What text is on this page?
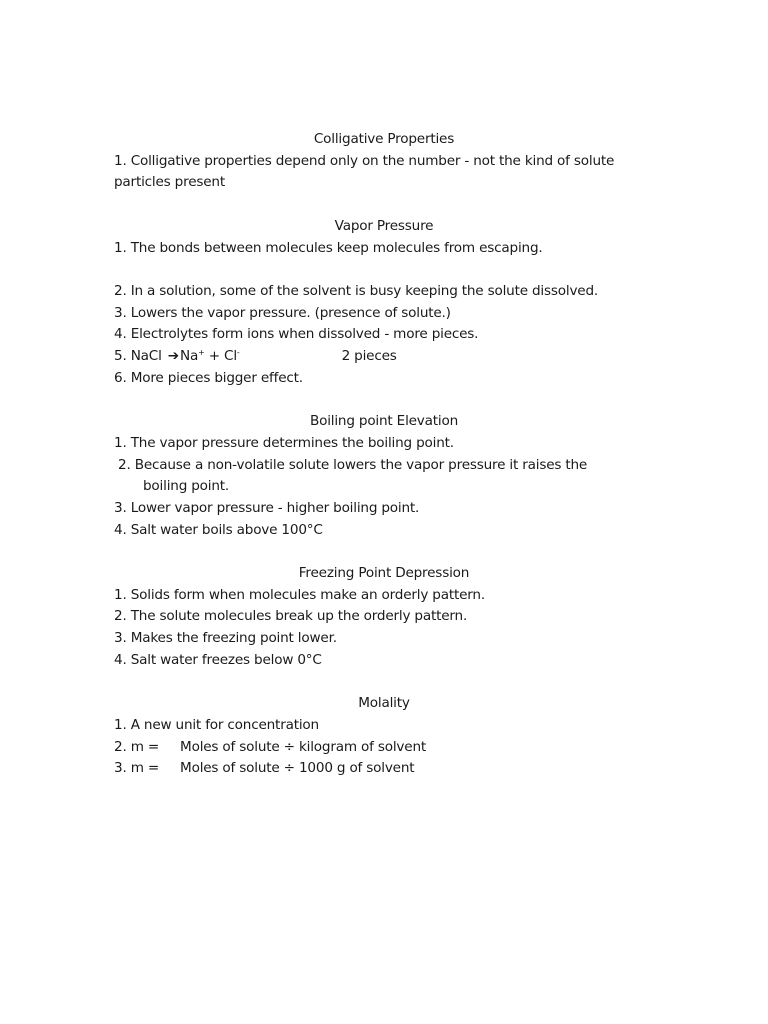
Colligative Properties

1. Colligative properties depend only on the number - not the kind of solute particles present

Vapor Pressure

1. The bonds between molecules keep molecules from escaping.

2. In a solution, some of the solvent is busy keeping the solute dissolved.

3. Lowers the vapor pressure. (presence of solute.)

4. Electrolytes form ions when dissolved - more pieces.

5. NaCl ➔Na+ + Cl-	2 pieces

6. More pieces bigger effect.

Boiling point Elevation

1. The vapor pressure determines the boiling point.

2. Because a non-volatile solute lowers the vapor pressure it raises the

boiling point.

3. Lower vapor pressure - higher boiling point.

4. Salt water boils above 100°C

Freezing Point Depression

1. Solids form when molecules make an orderly pattern.

2. The solute molecules break up the orderly pattern.

3. Makes the freezing point lower.

4. Salt water freezes below 0°C

Molality

1. A new unit for concentration

2. m = Moles of solute ÷ kilogram of solvent

3. m = Moles of solute ÷ 1000 g of solvent
